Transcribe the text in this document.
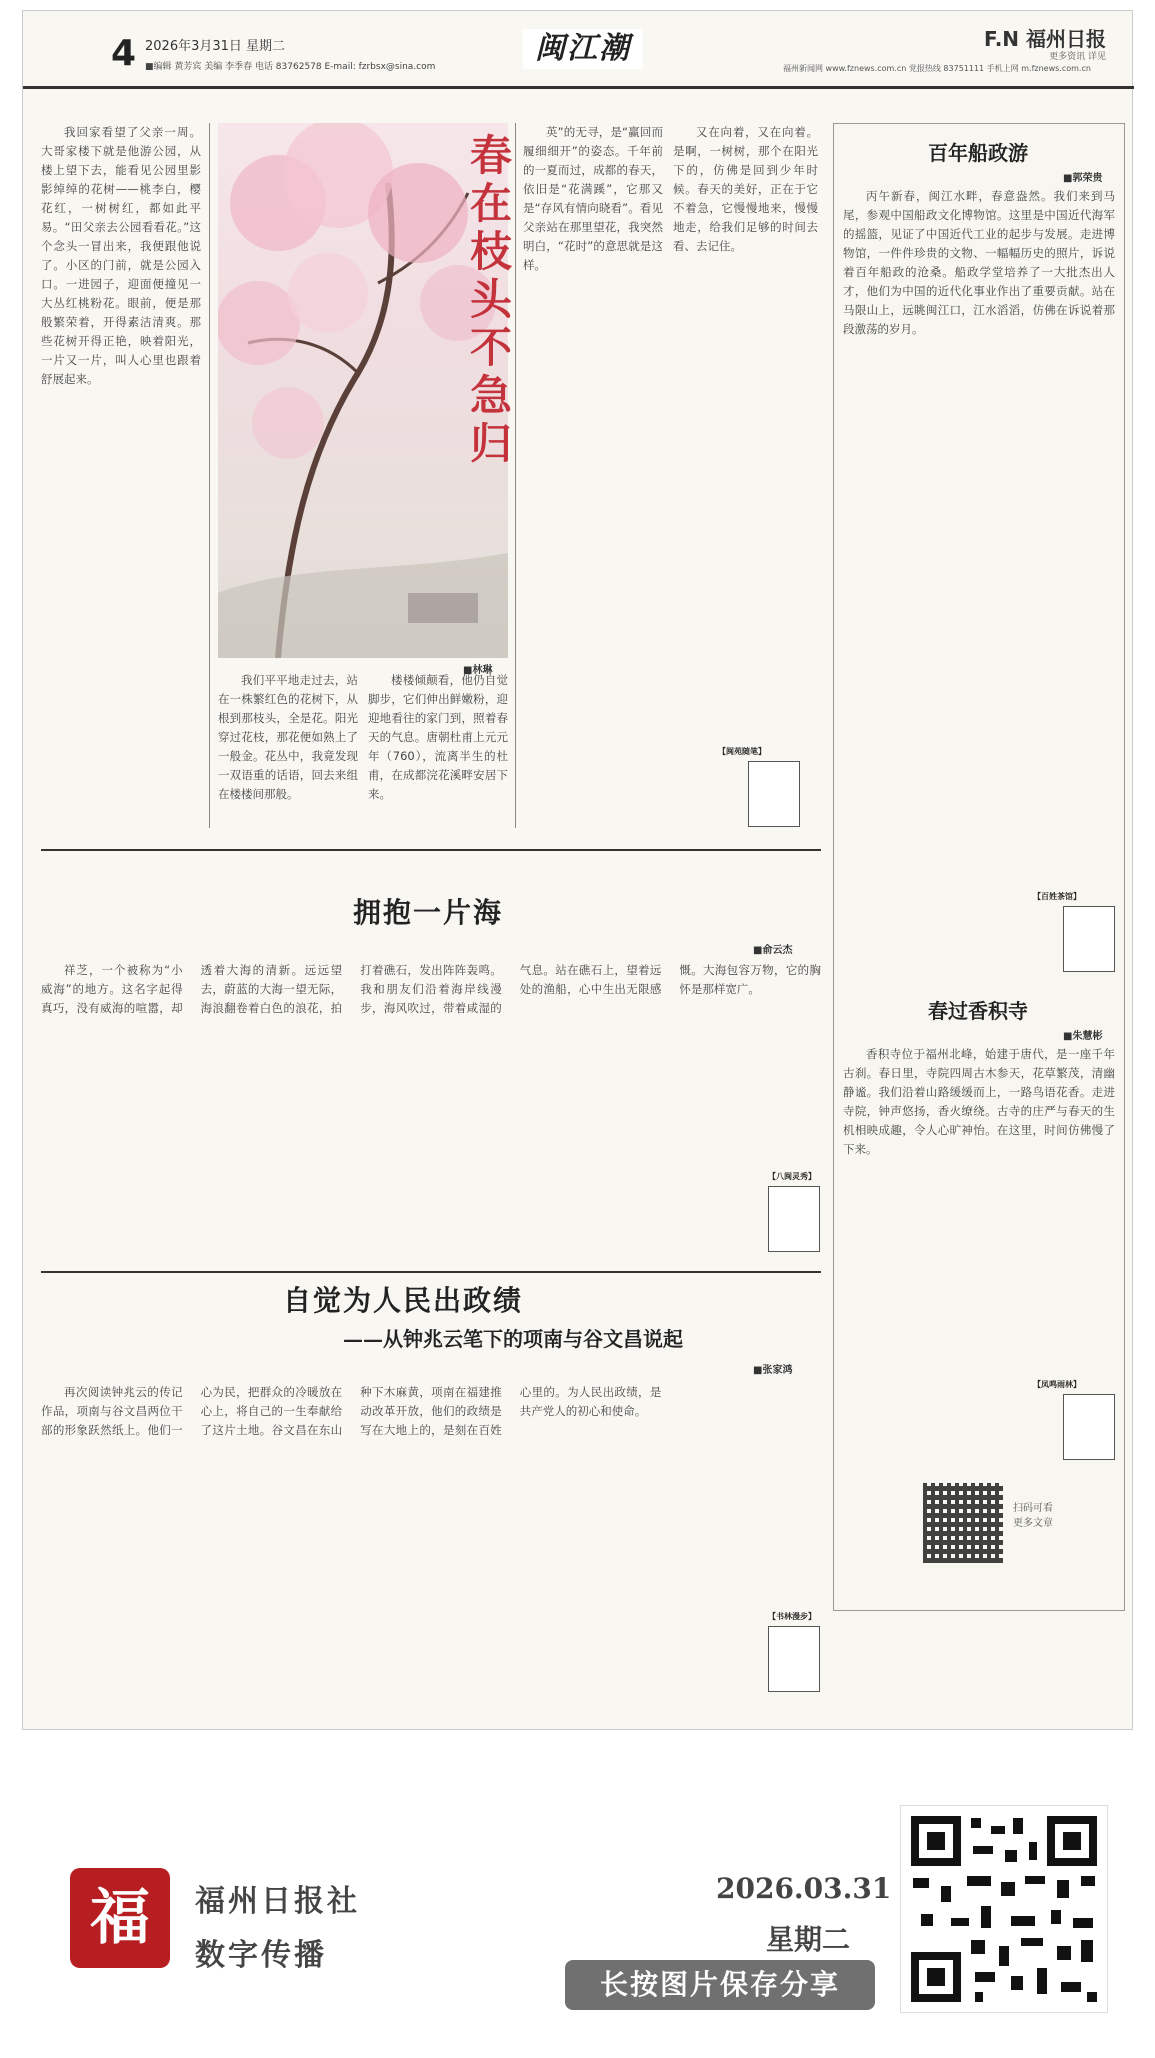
4 2026年3月31日 星期二
■编辑 黄芳宾 美编 李季春 电话 83762578 E-mail: fzrbsx@sina.com
闽江潮	F.N 福州日报
更多资讯 详见
福州新闻网 www.fznews.com.cn 党报热线 83751111 手机上网 m.fznews.com.cn

我回家看望了父亲一周。大哥家楼下就是他游公园，从楼上望下去，能看见公园里影影绰绰的花树——桃李白，樱花红，一树树红，都如此平易。“田父亲去公园看看花。”这个念头一冒出来，我便跟他说了。小区的门前，就是公园入口。一进园子，迎面便撞见一大丛红桃粉花。眼前，便是那般繁荣着，开得素洁清爽。那些花树开得正艳，映着阳光，一片又一片，叫人心里也跟着舒展起来。	春在枝头不急归

我们平平地走过去，站在一株繁红色的花树下，从根到那枝头，全是花。阳光穿过花枝，那花便如熟上了一般金。花丛中，我竟发现一双语重的话语，回去来组在楼楼间那般。

楼楼倾颠看，他仍自觉脚步，它们伸出鲜嫩粉，迎迎地看往的家门到，照着春天的气息。唐朝杜甫上元元年（760），流离半生的杜甫，在成都浣花溪畔安居下来。

■林琳

英”的无寻，是“赢回而履细细开”的姿态。千年前的一夏而过，成都的春天，依旧是“花满蹊”，它那又是“存风有情向晓看”。看见父亲站在那里望花，我突然明白，“花时”的意思就是这样。

又在向着，又在向着。是啊，一树树，那个在阳光下的，仿佛是回到少年时候。春天的美好，正在于它不着急，它慢慢地来，慢慢地走，给我们足够的时间去看、去记住。

【闽苑随笔】
拥抱一片海
■俞云杰

祥芝，一个被称为“小威海”的地方。这名字起得真巧，没有威海的喧嚣，却透着大海的清新。远远望去，蔚蓝的大海一望无际，海浪翻卷着白色的浪花，拍打着礁石，发出阵阵轰鸣。我和朋友们沿着海岸线漫步，海风吹过，带着咸湿的气息。站在礁石上，望着远处的渔船，心中生出无限感慨。大海包容万物，它的胸怀是那样宽广。

【八闽灵秀】
自觉为人民出政绩
——从钟兆云笔下的项南与谷文昌说起
■张家鸿

再次阅读钟兆云的传记作品，项南与谷文昌两位干部的形象跃然纸上。他们一心为民，把群众的冷暖放在心上，将自己的一生奉献给了这片土地。谷文昌在东山种下木麻黄，项南在福建推动改革开放，他们的政绩是写在大地上的，是刻在百姓心里的。为人民出政绩，是共产党人的初心和使命。

【书林漫步】
百年船政游
■郭荣贵

丙午新春，闽江水畔，春意盎然。我们来到马尾，参观中国船政文化博物馆。这里是中国近代海军的摇篮，见证了中国近代工业的起步与发展。走进博物馆，一件件珍贵的文物、一幅幅历史的照片，诉说着百年船政的沧桑。船政学堂培养了一大批杰出人才，他们为中国的近代化事业作出了重要贡献。站在马限山上，远眺闽江口，江水滔滔，仿佛在诉说着那段激荡的岁月。

【百姓茶馆】
春过香积寺
■朱慧彬

香积寺位于福州北峰，始建于唐代，是一座千年古刹。春日里，寺院四周古木参天，花草繁茂，清幽静谧。我们沿着山路缓缓而上，一路鸟语花香。走进寺院，钟声悠扬，香火缭绕。古寺的庄严与春天的生机相映成趣，令人心旷神怡。在这里，时间仿佛慢了下来。

【凤鸣雨林】
扫码可看
更多文章
福	福州日报社
数字传播
2026.03.31
星期二
长按图片保存分享
